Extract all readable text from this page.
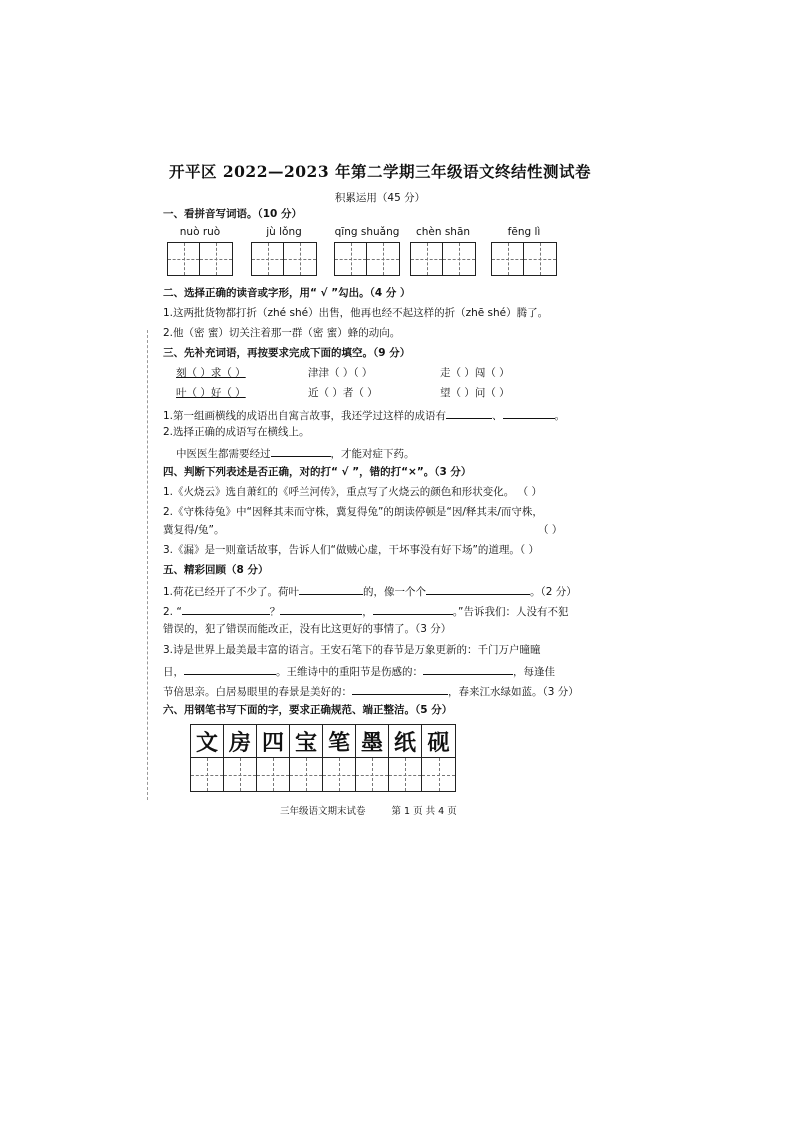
开平区 2022—2023 年第二学期三年级语文终结性测试卷
积累运用（45 分）
一、看拼音写词语。（10 分）
nuò ruò	jù lǒng	qīng shuǎng	chèn shān	fēng lì
二、选择正确的读音或字形，用“ √ ”勾出。（4 分 ）
1.这两批货物都打折（zhé shé）出售，他再也经不起这样的折（zhē shé）腾了。
2.他（密 蜜）切关注着那一群（密 蜜）蜂的动向。
三、先补充词语，再按要求完成下面的填空。（9 分）
刻（ ）求（ ）	津津（ ）（ ）	走（ ）闯（ ）
叶（ ）好（ ）	近（ ）者（ ）	望（ ）问（ ）
1.第一组画横线的成语出自寓言故事，我还学过这样的成语有	、	。
2.选择正确的成语写在横线上。
中医医生都需要经过	，才能对症下药。
四、判断下列表述是否正确，对的打“ √ ”，错的打“×”。（3 分）
1.《火烧云》选自萧红的《呼兰河传》，重点写了火烧云的颜色和形状变化。 （ ）
2.《守株待兔》中“因释其耒而守株，冀复得兔”的朗读停顿是“因/释其耒/而守株，
冀复得/兔”。	（ ）
3.《漏》是一则童话故事，告诉人们“做贼心虚，干坏事没有好下场”的道理。（ ）
五、精彩回顾（8 分）
1.荷花已经开了不少了。荷叶	的，像一个个	。（2 分）
2. “	？	，	。”告诉我们：人没有不犯
错误的，犯了错误而能改正，没有比这更好的事情了。（3 分）
3.诗是世界上最美最丰富的语言。王安石笔下的春节是万象更新的：千门万户曈曈
日，	。王维诗中的重阳节是伤感的：	，每逢佳
节倍思亲。白居易眼里的春景是美好的：	，春来江水绿如蓝。（3 分）
六、用钢笔书写下面的字，要求正确规范、端正整洁。（5 分）
文 房 四 宝 笔 墨 纸 砚
三年级语文期末试卷	第 1 页 共 4 页
